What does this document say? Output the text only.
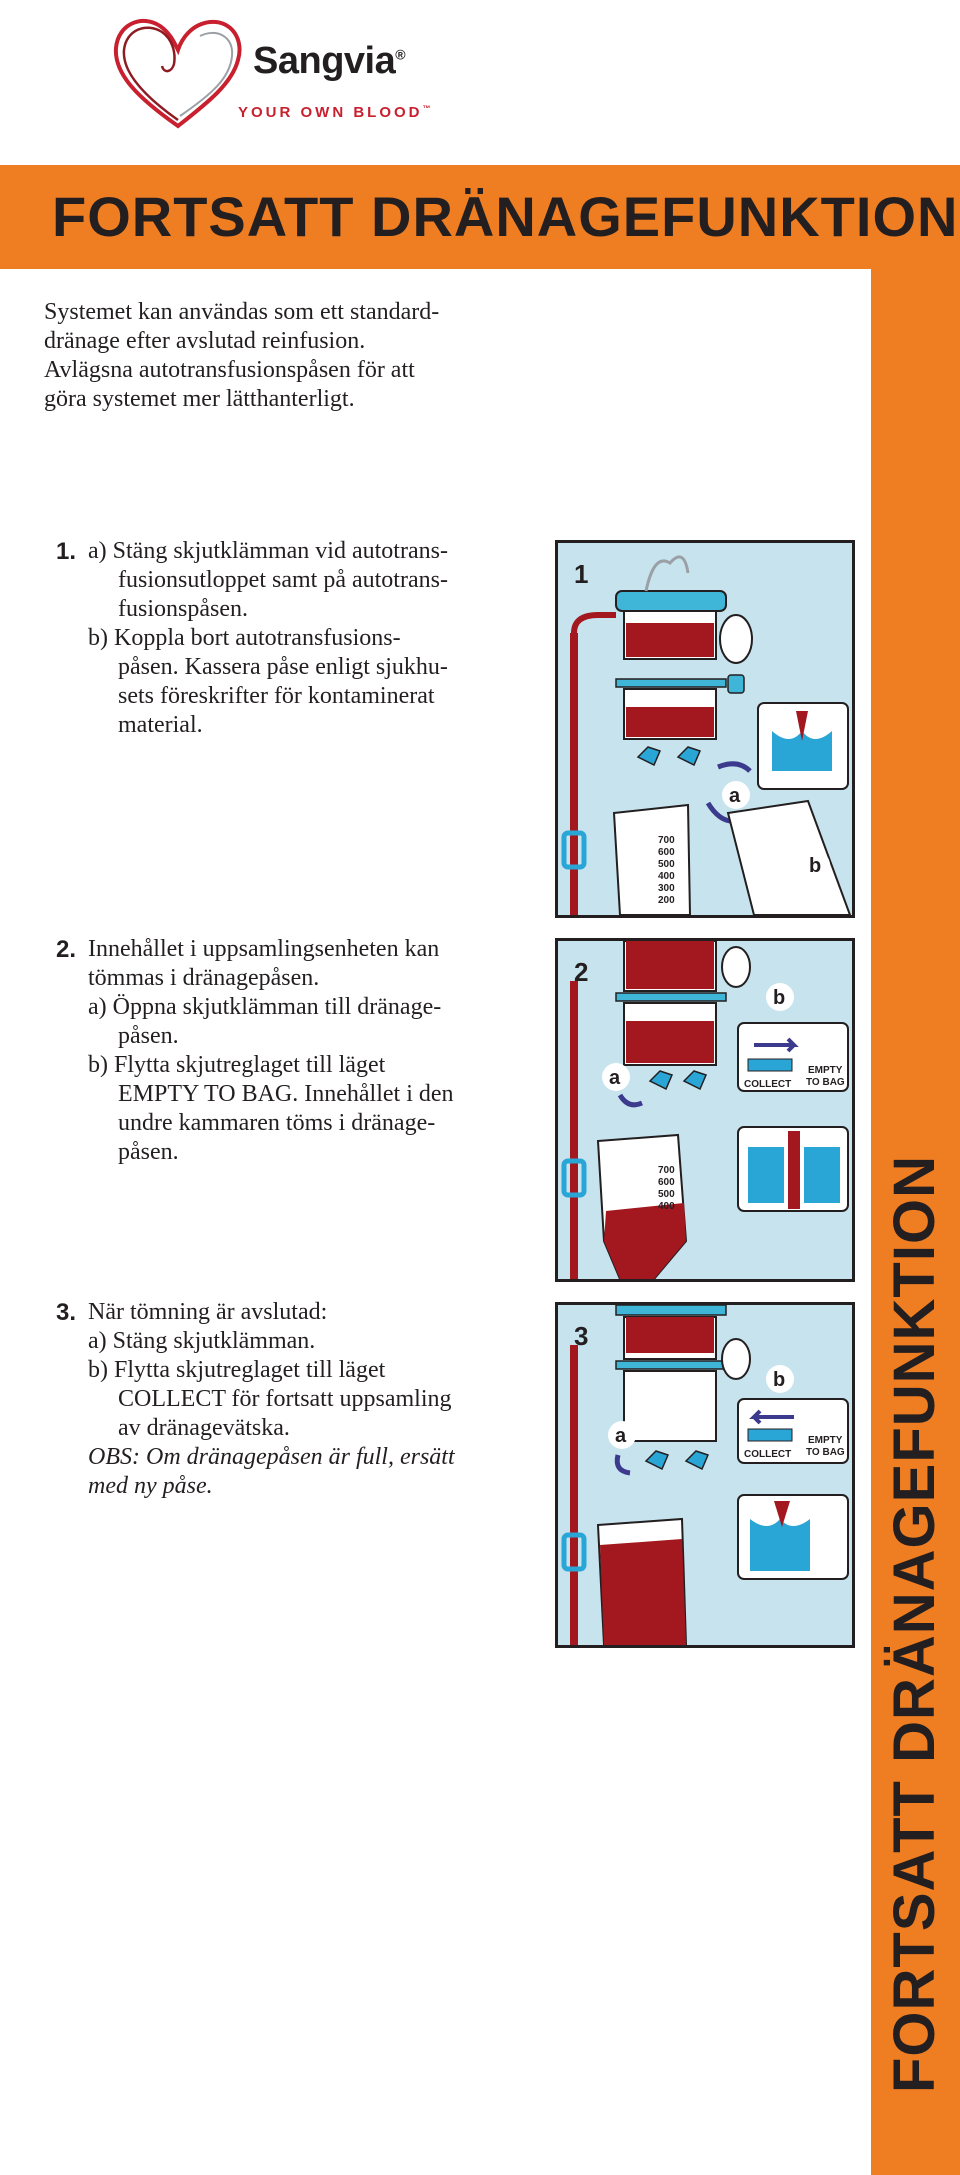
Sangvia®
YOUR OWN BLOOD™
FORTSATT DRÄNAGEFUNKTION
Systemet kan användas som ett standard-
dränage efter avslutad reinfusion.
Avlägsna autotransfusionspåsen för att
göra systemet mer lätthanterligt.
1. a) Stäng skjutklämman vid autotrans-
fusionsutloppet samt på autotrans-
fusionspåsen.
b) Koppla bort autotransfusions-
påsen. Kassera påse enligt sjukhu-
sets föreskrifter för kontaminerat
material.
2. Innehållet i uppsamlingsenheten kan
tömmas i dränagepåsen.
a) Öppna skjutklämman till dränage-
påsen.
b) Flytta skjutreglaget till läget
EMPTY TO BAG. Innehållet i den
undre kammaren töms i dränage-
påsen.
3. När tömning är avslutad:
a) Stäng skjutklämman.
b) Flytta skjutreglaget till läget
COLLECT för fortsatt uppsamling
av dränagevätska.
OBS: Om dränagepåsen är full, ersätt
med ny påse.
700
600
500
400
300
200
1
a
b
700
600
500
400
COLLECT
EMPTY
TO BAG
2
a
b
COLLECT
EMPTY
TO BAG
3
a
b
